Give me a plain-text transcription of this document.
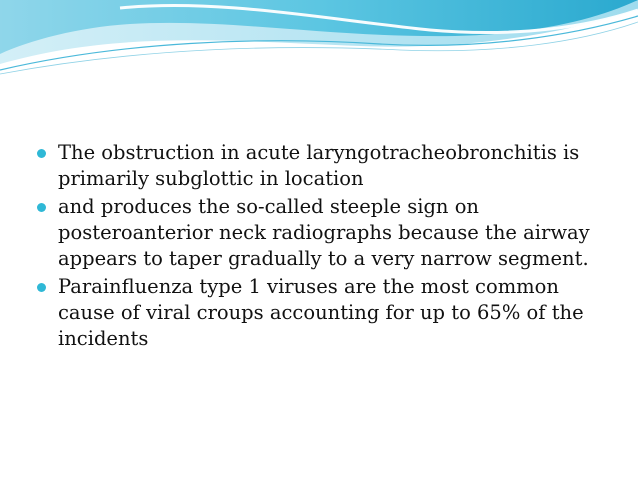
The obstruction in acute laryngotracheobronchitis is primarily subglottic in location
and produces the so-called steeple sign on posteroanterior neck radiographs because the airway appears to taper gradually to a very narrow segment.
Parainfluenza type 1 viruses are the most common cause of viral croups accounting for up to 65% of the incidents
